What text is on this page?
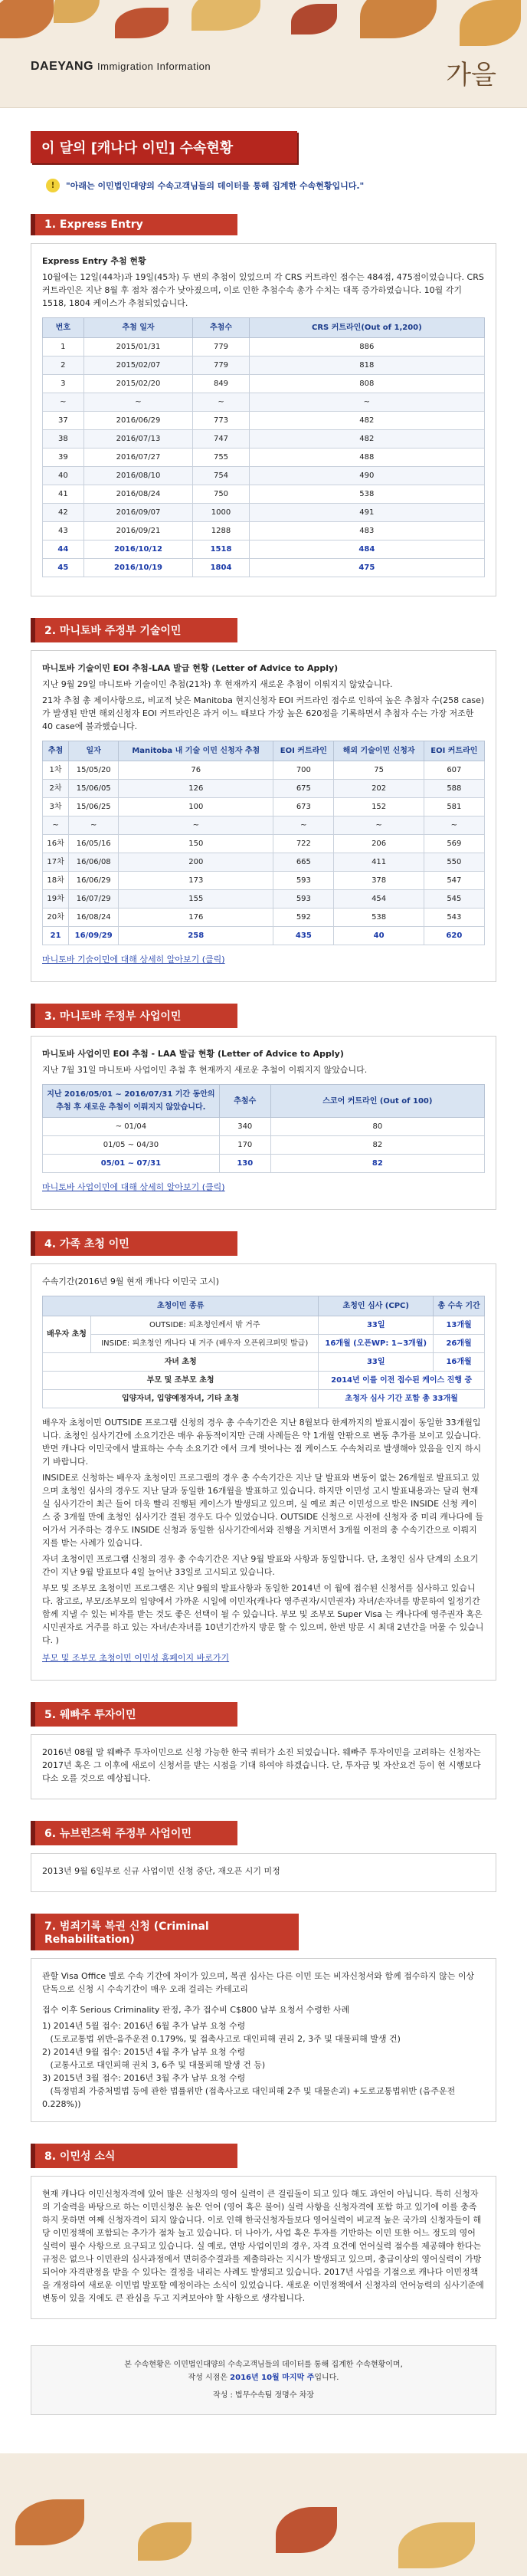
DAEYANG Immigration Information	가을
이 달의 [캐나다 이민] 수속현황
!	"아래는 이민법인대양의 수속고객님들의 데이터를 통해 집계한 수속현황입니다."
1. Express Entry

Express Entry 추첨 현황

10월에는 12일(44차)과 19일(45차) 두 번의 추첨이 있었으며 각 CRS 커트라인 점수는 484점, 475점이었습니다. CRS 커트라인은 지난 8월 후 점차 점수가 낮아졌으며, 이로 인한 추첨수속 총가 수치는 대폭 증가하였습니다. 10월 각기 1518, 1804 케이스가 추첨되었습니다.

번호	추첨 일자	추첨수	CRS 커트라인(Out of 1,200)
1	2015/01/31	779	886
2	2015/02/07	779	818
3	2015/02/20	849	808
~	~	~	~
37	2016/06/29	773	482
38	2016/07/13	747	482
39	2016/07/27	755	488
40	2016/08/10	754	490
41	2016/08/24	750	538
42	2016/09/07	1000	491
43	2016/09/21	1288	483
44	2016/10/12	1518	484
45	2016/10/19	1804	475
2. 마니토바 주정부 기술이민

마니토바 기술이민 EOI 추첨-LAA 발급 현황 (Letter of Advice to Apply)

지난 9월 29일 마니토바 기술이민 추첨(21차) 후 현재까지 새로운 추첨이 이뤄지지 않았습니다.

21차 추첨 총 제이사항으로, 비교적 낮은 Manitoba 현지신청자 EOI 커트라인 점수로 인하여 높은 추첨자 수(258 case)가 발생된 반면 해외신청자 EOI 커트라인은 과거 이느 때보다 가장 높은 620점을 기록하면서 추첨자 수는 가장 저조한 40 case에 불과했습니다.

추첨	일자	Manitoba 내 기술 이민 신청자 추첨	EOI 커트라인	해외 기술이민 신청자	EOI 커트라인
1차	15/05/20	76	700	75	607
2차	15/06/05	126	675	202	588
3차	15/06/25	100	673	152	581
~	~	~	~	~	~
16차	16/05/16	150	722	206	569
17차	16/06/08	200	665	411	550
18차	16/06/29	173	593	378	547
19차	16/07/29	155	593	454	545
20차	16/08/24	176	592	538	543
21	16/09/29	258	435	40	620
마니토바 기술이민에 대해 상세히 알아보기 (클릭)
3. 마니토바 주정부 사업이민

마니토바 사업이민 EOI 추첨 - LAA 발급 현황 (Letter of Advice to Apply)

지난 7월 31일 마니토바 사업이민 추첨 후 현재까지 새로운 추첨이 이뤄지지 않았습니다.

지난 2016/05/01 ~ 2016/07/31 기간 동안의 추첨 후 새로운 추첨이 이뤄지지 않았습니다.	추첨수	스코어 커트라인 (Out of 100)
~ 01/04	340	80
01/05 ~ 04/30	170	82
05/01 ~ 07/31	130	82
마니토바 사업이민에 대해 상세히 알아보기 (클릭)
4. 가족 초청 이민

수속기간(2016년 9월 현재 캐나다 이민국 고시)

초청이민 종류		초청인 심사 (CPC)	총 수속 기간
배우자 초청	OUTSIDE: 피초청인께서 밖 거주	33일	13개월
	INSIDE: 피초청인 캐나다 내 거주 (배우자 오픈워크퍼밋 발급)	16개월 (오픈WP: 1~3개월)	26개월
자녀 초청		33일	16개월
부모 및 조부모 초청		2014년 이를 이전 접수된 케이스 진행 중	
입양자녀, 입양예정자녀, 기타 초청		초청자 심사 기간 포함 총 33개월	

배우자 초청이민 OUTSIDE 프로그램 신청의 경우 총 수속기간은 지난 8월보다 한계까지의 발표시점이 동일한 33개월입니다. 초청인 심사기간에 소요기간은 매우 유동적이지만 근래 사례들은 약 1개월 안팎으로 변동 추가를 보이고 있습니다. 반면 캐나다 이민국에서 발표하는 수속 소요기간 에서 크게 벗어나는 점 케이스도 수속처리로 발생해야 있음을 인지 하시기 바랍니다.

INSIDE로 신청하는 배우자 초청이민 프로그램의 경우 총 수속기간은 지난 달 발표와 변동이 없는 26개월로 발표되고 있으며 초청인 심사의 경우도 지난 달과 동일한 16개월을 발표하고 있습니다. 하지만 이민성 고시 발표내용과는 달리 현재 실 심사기간이 최근 들어 더욱 빨리 진행된 케이스가 발생되고 있으며, 실 예로 최근 이민성으로 받은 INSIDE 신청 케이스 중 3개월 만에 초청인 심사기간 결된 경우도 다수 있었습니다. OUTSIDE 신청으로 사전에 신청자 중 미리 캐나다에 들어가서 거주하는 경우도 INSIDE 신청과 동일한 심사기간에서와 진행을 거치면서 3개월 이전의 총 수속기간으로 이뤄지지를 받는 사례가 있습니다.

자녀 초청이민 프로그램 신청의 경우 총 수속기간은 지난 9월 발표와 사항과 동일합니다. 단, 초청인 심사 단계의 소요기간이 지난 9월 발표보다 4일 늘어난 33일로 고시되고 있습니다.

부모 및 조부모 초청이민 프로그램은 지난 9월의 발표사항과 동일한 2014년 이 월에 접수된 신청서를 심사하고 있습니다. 참고로, 부모/조부모의 입양에서 가까운 시일에 이민자(캐나다 영주권자/시민권자) 자녀/손자녀를 방문하여 일정기간 함께 지낼 수 있는 비자를 받는 것도 좋은 선택이 될 수 있습니다. 부모 및 조부모 Super Visa 는 캐나다에 영주권자 혹은 시민권자로 거주를 하고 있는 자녀/손자녀를 10년기간까지 방문 할 수 있으며, 한번 방문 시 최대 2년간을 머물 수 있습니다. )

부모 및 조부모 초청이민 이민성 홈페이지 바로가기
5. 웨빠주 투자이민

2016년 08월 말 웨빠주 투자이민으로 신청 가능한 한국 쿼터가 소진 되었습니다. 웨빠주 투자이민을 고려하는 신청자는 2017년 혹은 그 이후에 새로이 신청서를 받는 시점을 기대 하여야 하겠습니다. 단, 투자금 및 자산요건 등이 현 시행보다 다소 오를 것으로 예상됩니다.

6. 뉴브런즈윅 주정부 사업이민

2013년 9월 6일부로 신규 사업이민 신청 중단, 재오픈 시기 미정

7. 범죄기록 복권 신청 (Criminal Rehabilitation)

관할 Visa Office 별로 수속 기간에 차이가 있으며, 복권 심사는 다른 이민 또는 비자신청서와 함께 접수하지 않는 이상 단독으로 신청 시 수속기간이 매우 오래 걸리는 카테고리

접수 이후 Serious Criminality 판정, 추가 접수비 C$800 납부 요청서 수령한 사례

1) 2014년 5월 접수: 2016년 6월 추가 납부 요청 수령
(도로교통법 위반-음주운전 0.179%, 및 접촉사고로 대인피해 권리 2, 3주 및 대물피해 발생 건)
2) 2014년 9월 접수: 2015년 4월 추가 납부 요청 수령
(교통사고로 대인피해 권치 3, 6주 및 대물피해 발생 건 등)
3) 2015년 3월 접수: 2016년 3월 추가 납부 요청 수령
(특정범죄 가중처벌법 등에 관한 법률위반 (접촉사고로 대인피해 2주 및 대물손괴) +도로교통법위반 (음주운전 0.228%))
8. 이민성 소식

현재 캐나다 이민신청자격에 있어 많은 신청자의 영어 실력이 큰 걸림돌이 되고 있다 해도 과언이 아닙니다. 특히 신청자의 기술력을 바탕으로 하는 이민신청은 높은 언어 (영어 혹은 불어) 실력 사항을 신청자격에 포함 하고 있기에 이를 충족하지 못하면 여째 신청자격이 되지 않습니다. 이로 인해 한국신청자들보다 영어실력이 비교적 높은 국가의 신청자들이 해당 이민정책에 포함되는 추가가 점차 늘고 있습니다. 더 나아가, 사업 혹은 투자를 기반하는 이민 또한 어느 정도의 영어 실력이 필수 사항으로 요구되고 있습니다. 실 예로, 연방 사업이민의 경우, 자격 요건에 언어실력 점수를 제공해야 한다는 규정은 없으나 이민관의 심사과정에서 면허증수결과를 제출하라는 지시가 발생되고 있으며, 충급이상의 영어실력이 가방되어야 자격판정을 받을 수 있다는 결정을 내리는 사례도 발생되고 있습니다. 2017년 사업을 기점으로 캐나다 이민정책을 개정하여 새로운 이민법 발포할 예정이라는 소식이 있었습니다. 새로운 이민정책에서 신청자의 언어능력의 심사기준에 변동이 있을 지에도 큰 관심을 두고 지켜보아야 할 사항으로 생각됩니다.

본 수속현황은 이민법인대양의 수속고객님들의 데이터를 통해 집계한 수속현황이며,
작성 시점은 2016년 10월 마지막 주입니다.
작성 : 법무수속팀 정명수 차장
